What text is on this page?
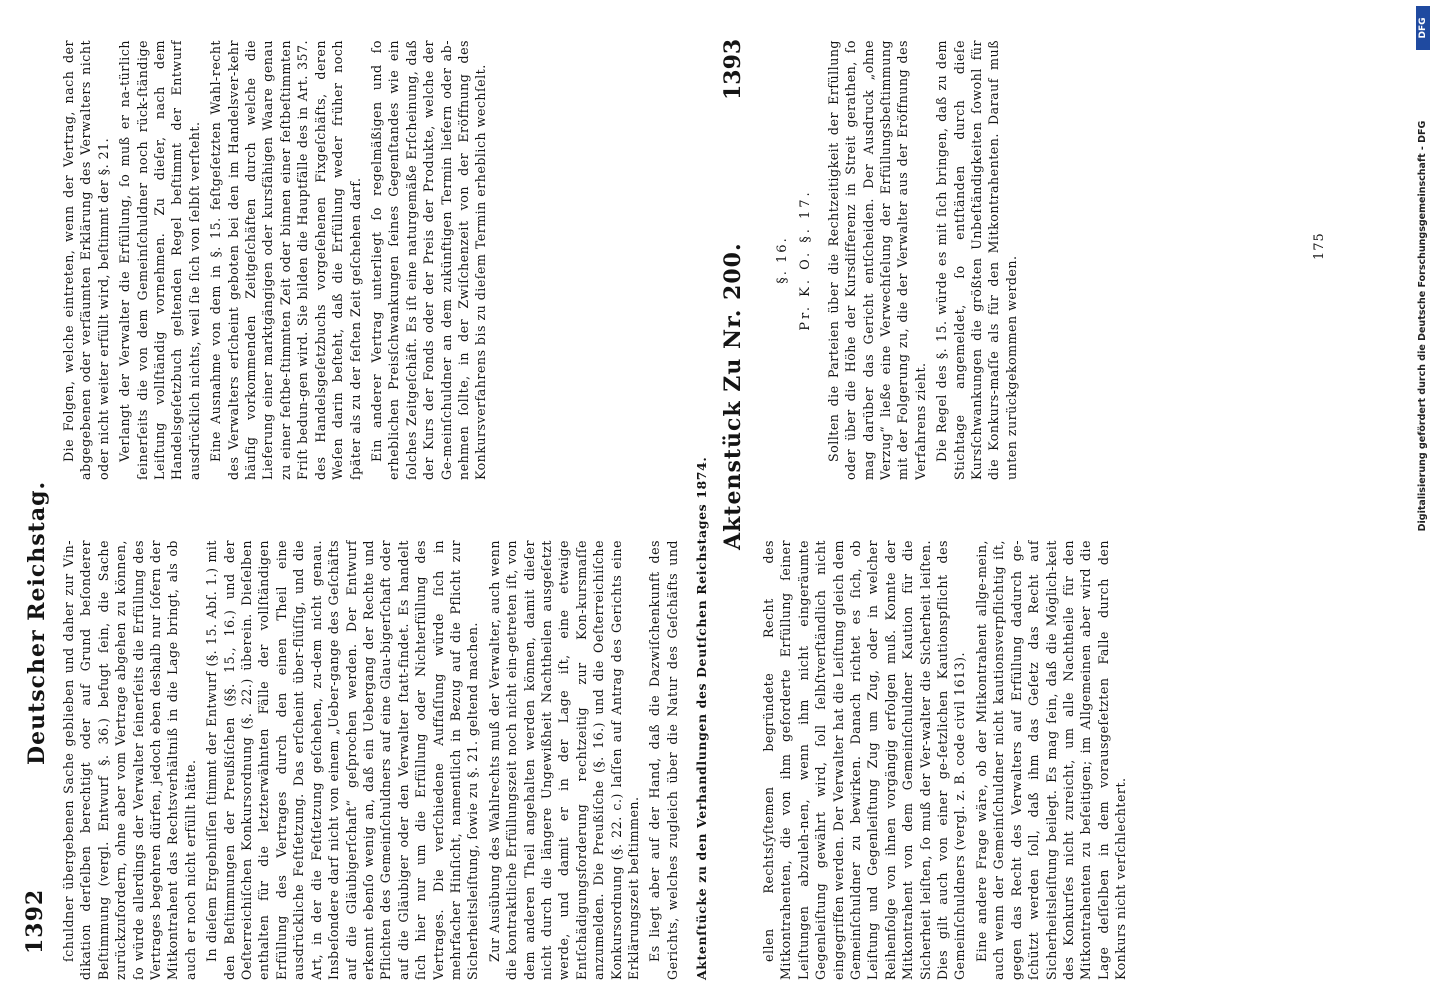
1392
Deutscher Reichstag. ſchuldner übergebenen Sache geblieben und daher zur Vin-dikation derſelben berechtigt oder auf Grund beſonderer Beſtimmung (vergl. Entwurf §. 36.) befugt ſein, die Sache zurückzufordern, ohne aber vom Vertrage abgehen zu können, ſo würde allerdings der Verwalter ſeinerſeits die Erfüllung des Vertrages begehren dürfen, jedoch eben deshalb nur ſofern der Mitkontrahent das Rechtsverhältniß in die Lage bringt, als ob auch er noch nicht erfüllt hätte. In dieſem Ergebniſſen ſtimmt der Entwurf (§. 15. Abſ. 1.) mit den Beſtimmungen der Preußiſchen (§§. 15., 16.) und der Oeſterreichiſchen Konkursordnung (§. 22.) überein. Dieſelben enthalten für die letzterwähnten Fälle der vollſtändigen Erfüllung des Vertrages durch den einen Theil eine ausdrückliche Feſtſetzung. Das erſcheint über-flüſſig, und die Art, in der die Feſtſetzung geſchehen, zu-dem nicht genau. Insbeſondere darf nicht von einem „Ueber-gange des Geſchäfts auf die Gläubigerſchaft“ geſprochen werden. Der Entwurf erkennt ebenſo wenig an, daß ein Uebergang der Rechte und Pflichten des Gemeinſchuldners auf eine Glau-bigerſchaft oder auf die Gläubiger oder den Verwalter ſtatt-findet. Es handelt ſich hier nur um die Erfüllung oder Nichterfüllung des Vertrages. Die verſchiedene Auffaſſung würde ſich in mehrfacher Hinſicht, namentlich in Bezug auf die Pflicht zur Sicherheitsleiſtung, ſowie zu §. 21. geltend machen. Zur Ausübung des Wahlrechts muß der Verwalter, auch wenn die kontraktliche Erfüllungszeit noch nicht ein-getreten iſt, von dem anderen Theil angehalten werden können, damit dieſer nicht durch die längere Ungewißheit Nachtheilen ausgeſetzt werde, und damit er in der Lage iſt, eine etwaige Entſchädigungsforderung rechtzeitig zur Kon-kursmaſſe anzumelden. Die Preußiſche (§. 16.) und die Oeſterreichiſche Konkursordnung (§. 22. c.) laſſen auf Antrag des Gerichts eine Erklärungszeit beſtimmen. Es liegt aber auf der Hand, daß die Dazwiſchenkunft des Gerichts, welches zugleich über die Natur des Geſchäfts und

Die Folgen, welche eintreten, wenn der Vertrag, nach der abgegebenen oder verſäumten Erklärung des Verwalters nicht oder nicht weiter erfüllt wird, beſtimmt der §. 21. Verlangt der Verwalter die Erfüllung, ſo muß er na-türlich ſeinerſeits die von dem Gemeinſchuldner noch rück-ſtändige Leiſtung vollſtändig vornehmen. Zu dieſer, nach dem Handelsgeſetzbuch geltenden Regel beſtimmt der Entwurf ausdrücklich nichts, weil ſie ſich von ſelbſt verſteht. Eine Ausnahme von dem in §. 15. feſtgeſetzten Wahl-recht des Verwalters erſcheint geboten bei den im Handelsver-kehr häufig vorkommenden Zeitgeſchäften durch welche die Lieferung einer marktgängigen oder kursfähigen Waare genau zu einer feſtbe-ſtimmten Zeit oder binnen einer feſtbeſtimmten Friſt bedun-gen wird. Sie bilden die Hauptfälle des in Art. 357. des Handelsgeſetzbuchs vorgeſehenen Fixgeſchäfts, deren Weſen darin beſteht, daß die Erfüllung weder früher noch ſpäter als zu der feſten Zeit geſchehen darf. Ein anderer Vertrag unterliegt ſo regelmäßigen und ſo erheblichen Preisſchwankungen ſeines Gegenſtandes wie ein ſolches Zeitgeſchäft. Es iſt eine naturgemäße Erſcheinung, daß der Kurs der Fonds oder der Preis der Produkte, welche der Ge-meinſchuldner an dem zukünftigen Termin liefern oder ab-nehmen ſollte, in der Zwiſchenzeit von der Eröffnung des Konkursverfahrens bis zu dieſem Termin erheblich wechſelt.

Aktenſtücke zu den Verhandlungen des Deutſchen Reichstages 1874.
Aktenstück Zu Nr. 200.
1393

ellen Rechtsſyſtemen begründete Recht des Mitkontrahenten, die von ihm geforderte Erfüllung ſeiner Leiſtungen abzuleh-nen, wenn ihm nicht eingeräumte Gegenleiſtung gewährt wird, ſoll ſelbſtverſtändlich nicht eingegriffen werden. Der Verwalter hat die Leiſtung gleich dem Gemeinſchuldner zu bewirken. Danach richtet es ſich, ob Leiſtung und Gegenleiſtung Zug um Zug, oder in welcher Reihenfolge von ihnen vorgängig erfolgen muß. Konnte der Mitkontrahent von dem Gemeinſchuldner Kaution für die Sicherheit leiſten, ſo muß der Ver-walter die Sicherheit leiſten. Dies gilt auch von einer ge-ſetzlichen Kautionspflicht des Gemeinſchuldners (vergl. z. B. code civil 1613). Eine andere Frage wäre, ob der Mitkontrahent allge-mein, auch wenn der Gemeinſchuldner nicht kautionsverpflichtig iſt, gegen das Recht des Verwalters auf Erfüllung dadurch ge-ſchützt werden ſoll, daß ihm das Geſetz das Recht auf Sicherheitsleiſtung beilegt. Es mag ſein, daß die Möglich-keit des Konkurſes nicht zureicht, um alle Nachtheile für den Mitkontrahenten zu beſeitigen; im Allgemeinen aber wird die Lage deſſelben in dem vorausgeſetzten Falle durch den Konkurs nicht verſchlechtert.

§. 16. Pr. K. O. §. 17. Sollten die Parteien über die Rechtzeitigkeit der Erfüllung oder über die Höhe der Kursdifferenz in Streit gerathen, ſo mag darüber das Gericht entſcheiden. Der Ausdruck „ohne Verzug“ ließe eine Verwechſelung der Erfüllungsbeſtimmung mit der Folgerung zu, die der Verwalter aus der Eröffnung des Verfahrens zieht. Die Regel des §. 15. würde es mit ſich bringen, daß zu dem Stichtage angemeldet, ſo entſtänden durch dieſe Kursſchwankungen die größten Unbeſtändigkeiten ſowohl für die Konkurs-maſſe als für den Mitkontrahenten. Darauf muß unten zurückgekommen werden.

175	Digitalisierung gefördert durch die Deutsche Forschungsgemeinschaft - DFG
DFG
